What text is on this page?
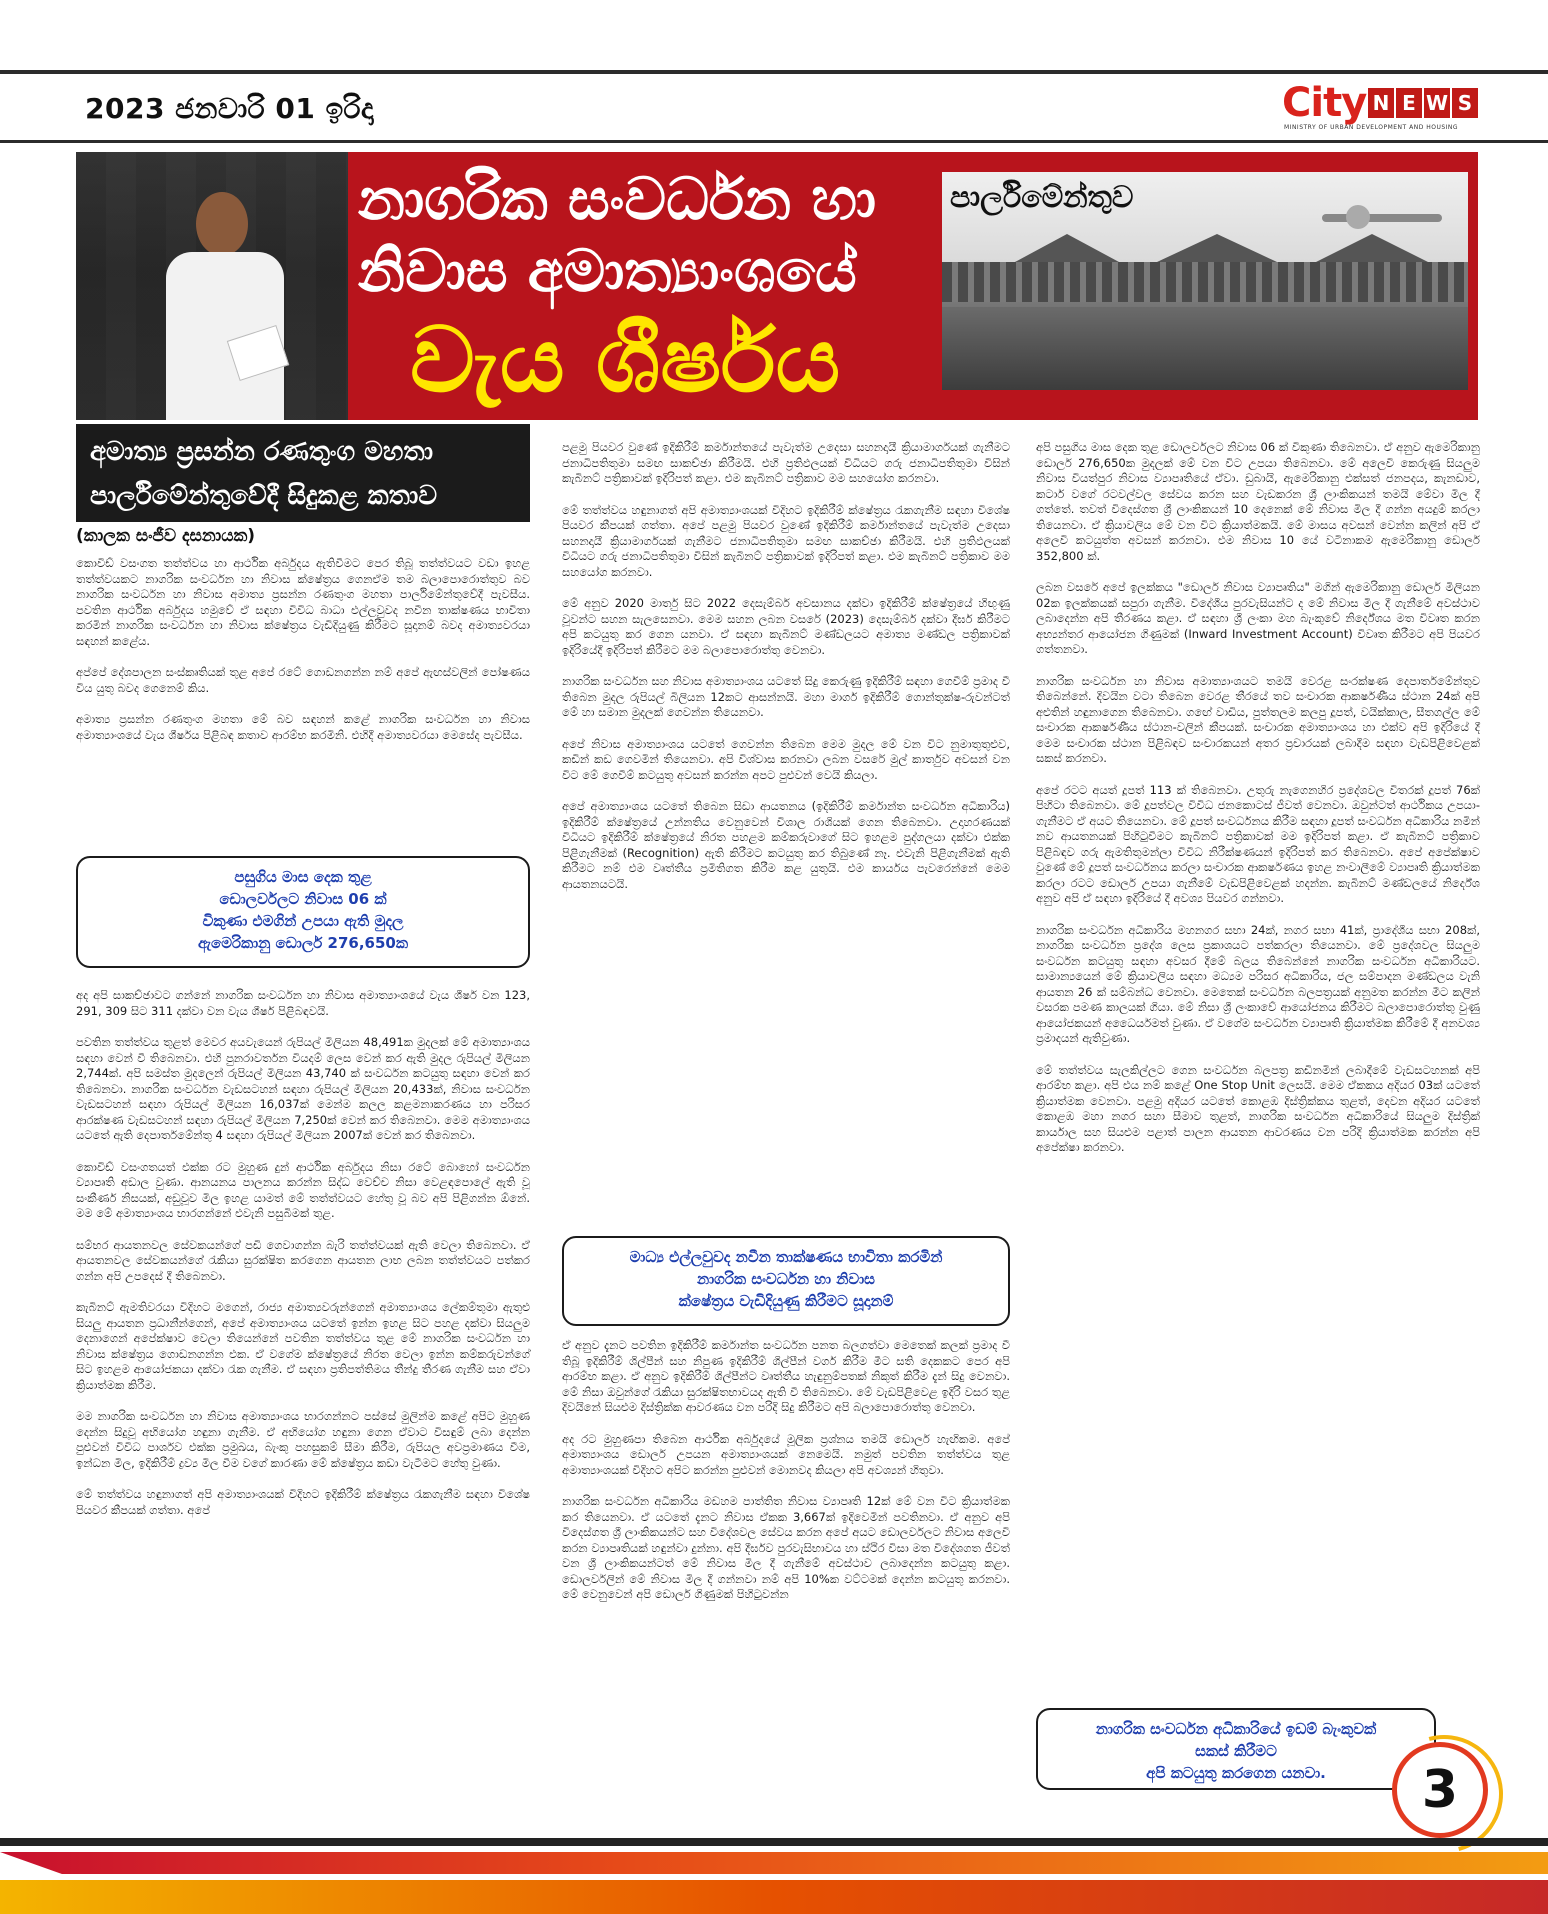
2023 ජනවාරි 01 ඉරිදා	City N E W S
MINISTRY OF URBAN DEVELOPMENT AND HOUSING
නාගරික සංවර්ධන හා
නිවාස අමාත්‍යාංශයේ
වැය ශීර්ෂය
පාර්ලිමේන්තුව
අමාත්‍ය ප්‍රසන්න රණතුංග මහතා
පාර්ලිමේන්තුවේදී සිදුකළ කතාව
(කාලක සංජීව දසනායක)

කොවිඩ් වසංගත තත්ත්වය හා ආර්ථික අර්බුදය ඇතිවීමට පෙර තිබූ තත්ත්වයට වඩා ඉහළ තත්ත්වයකට නාගරික සංවර්ධන හා නිවාස ක්ෂේත්‍රය ගෙනඒම තම බලාපොරොත්තුව බව නාගරික සංවර්ධන හා නිවාස අමාත්‍ය ප්‍රසන්න රණතුංග මහතා පාර්ලිමේන්තුවේදී පැවසීය. පවතින ආර්ථික අර්බුදය හමුවේ ඒ සඳහා විවිධ බාධා එල්ලවුවද නවීන තාක්ෂණය භාවිතා කරමින් නාගරික සංවර්ධන හා නිවාස ක්ෂේත්‍රය වැඩිදියුණු කිරීමට සූදානම් බවද අමාත්‍යවරයා සඳහන් කළේය.

අප්පේ දේශපාලන සංස්කෘතියක් තුළ අපේ රටේ ගොඩනගන්න නම් අපේ ඇඟස්වලින් පෝෂණය විය යුතු බවද ගෙනෙම් කිය.

අමාත්‍ය ප්‍රසන්න රණතුංග මහතා මේ බව සඳහන් කළේ නාගරික සංවර්ධන හා නිවාස අමාත්‍යාංශයේ වැය ශීර්ෂය පිළිබඳ කතාව ආරම්භ කරමිනි. එහිදී අමාත්‍යවරයා මෙසේද පැවසීය.

පසුගිය මාස දෙක තුළ
ඩොලර්වලට නිවාස 06 ක්
විකුණා එමගින් උපයා ඇති මුදල
ඇමෙරිකානු ඩොලර් 276,650ක

අද අපි සාකච්ඡාවට ගන්නේ නාගරික සංවර්ධන හා නිවාස අමාත්‍යාංශයේ වැය ශීර්ෂ වන 123, 291, 309 සිට 311 දක්වා වන වැය ශීර්ෂ පිළිබඳවයි.

පවතින තත්ත්වය තුළත් මෙවර අයවැයෙන් රුපියල් මිලියන 48,491ක මුදලක් මේ අමාත්‍යාංශය සඳහා වෙන් වී තිබෙනවා. එහි පුනරාවර්තන වියදම් ලෙස වෙන් කර ඇති මුදල රුපියල් මිලියන 2,744ක්. අපි සමස්ත මුදලෙන් රුපියල් මිලියන 43,740 ක් සංවර්ධන කටයුතු සඳහා වෙන් කර තිබෙනවා. නාගරික සංවර්ධන වැඩසටහන් සඳහා රුපියල් මිලියන 20,433ක්, නිවාස සංවර්ධන වැඩසටහන් සඳහා රුපියල් මිලියන 16,037ක් මෙන්ම කලල කළමනාකරණය හා පරිසර ආරක්ෂණ වැඩසටහන් සඳහා රුපියල් මිලියන 7,250ක් වෙන් කර තිබෙනවා. මෙම අමාත්‍යාංශය යටතේ ඇති දෙපාර්තමේන්තු 4 සඳහා රුපියල් මිලියන 2007ක් වෙන් කර තිබෙනවා.

කොවිඩ් වසංගතයත් එක්ක රට මුහුණ දුන් ආර්ථික අර්බුදය නිසා රටේ බොහෝ සංවර්ධන ව්‍යාපෘති අඩාල වුණා. ආනයනය පාලනය කරන්න සිද්ධ වෙච්ච නිසා වෙළඳපොලේ ඇති වූ සංකීර්ණ නිසයක්, අඩුවූව මිල ඉහළ යාමත් මේ තත්ත්වයට හේතු වූ බව අපි පිළිගන්න ඕනේ. මම මේ අමාත්‍යාංශය භාරගන්නේ එවැනි පසුබිමක් තුළ.

සම්භර ආයතනවල සේවකයන්ගේ පඩි ගෙවාගන්න බැරි තත්ත්වයක් ඇති වෙලා තිබෙනවා. ඒ ආයතනවල සේවකයන්ගේ රැකියා සුරක්ෂිත කරගෙන ආයතන ලාභ ලබන තත්ත්වයට පත්කර ගන්න අපි උපදෙස් දී තිබෙනවා.

කැබිනට් ඇමතිවරයා විදිහට මගෙන්, රාජ්‍ය අමාත්‍යවරුන්ගෙන් අමාත්‍යාංශය ලේකම්තුමා ඇතුළු සියලු ආයතන ප්‍රධානීන්ගෙන්, අපේ අමාත්‍යාංශය යටතේ ඉන්න ඉහළ සිට පහළ දක්වා සියලුම දෙනාගෙන් අපේක්ෂාව වෙලා තියෙන්නේ පවතින තත්ත්වය තුළ මේ නාගරික සංවර්ධන හා නිවාස ක්ෂේත්‍රය ගොඩනගන්න එක. ඒ වගේම ක්ෂේත්‍රයේ නිරත වෙලා ඉන්න කම්කරුවන්ගේ සිට ඉහළම ආයෝජකයා දක්වා රැක ගැනීම. ඒ සඳහා ප්‍රතිපත්තිමය තීන්දු තීරණ ගැනීම සහ ඒවා ක්‍රියාත්මක කිරීම.

මම නාගරික සංවර්ධන හා නිවාස අමාත්‍යාංශය භාරගන්නට පස්සේ මුලින්ම කළේ අපිට මුහුණ දෙන්න සිදුවූ අභියෝග හඳුනා ගැනීම. ඒ අභියෝග හඳුනා ගෙන ඒවාට විසඳුම් ලබා දෙන්න පුළුවන් විවිධ පාර්ශව එක්ක ප්‍රමුඛය, බැංකු පහසුකම් සීමා කිරීම, රුපියල අවප්‍රමාණය වීම, ඉන්ධන මිල, ඉදිකිරීම් ද්‍රව්‍ය මිල වීම වගේ කාරණා මේ ක්ෂේත්‍රය කඩා වැටීමට හේතු වුණා.

මේ තත්ත්වය හඳුනාගත් අපි අමාත්‍යාංශයක් විදිහට ඉදිකිරීම් ක්ෂේත්‍රය රැකගැනීම සඳහා විශේෂ පියවර කීපයක් ගත්තා. අපේ

පළමු පියවර වුණේ ඉදිකිරීම් කර්මාන්තයේ පැවැත්ම උදෙසා සහනදායී ක්‍රියාමාර්ගයක් ගැනීමට ජනාධිපතිතුමා සමඟ සාකච්ඡා කිරීමයි. එහි ප්‍රතිඵලයක් විධියට ගරු ජනාධිපතිතුමා විසින් කැබිනට් පත්‍රිකාවක් ඉදිරිපත් කළා. එම කැබිනට් පත්‍රිකාව මම සහයෝග කරනවා.

මේ තත්ත්වය හඳුනාගත් අපි අමාත්‍යාංශයක් විදිහට ඉදිකිරීම් ක්ෂේත්‍රය රැකගැනීම සඳහා විශේෂ පියවර කීපයක් ගත්තා. අපේ පළමු පියවර වුණේ ඉදිකිරීම් කර්මාන්තයේ පැවැත්ම උදෙසා සහනදායී ක්‍රියාමාර්ගයක් ගැනීමට ජනාධිපතිතුමා සමඟ සාකච්ඡා කිරීමයි. එහි ප්‍රතිඵලයක් විධියට ගරු ජනාධිපතිතුමා විසින් කැබිනට් පත්‍රිකාවක් ඉදිරිපත් කළා. එම කැබිනට් පත්‍රිකාව මම සහයෝග කරනවා.

මේ අනුව 2020 මාර්තු සිට 2022 දෙසැම්බර් අවසානය දක්වා ඉදිකිරීම් ක්ෂේත්‍රයේ හිඟුණු වූවන්ට සහන සැලසෙනවා. මෙම සහන ලබන වසරේ (2023) දෙසැම්බර් දක්වා දීර්ඝ කිරීමට අපි කටයුතු කර ගෙන යනවා. ඒ සඳහා කැබිනට් මණ්ඩලයට අමාත්‍ය මණ්ඩල පත්‍රිකාවක් ඉදිරියේදී ඉදිරිපත් කිරීමට මම බලාපොරොත්තු වෙනවා.

නාගරික සංවර්ධන සහ නිවාස අමාත්‍යාංශය යටතේ සිදු කෙරුණු ඉදිකිරීම් සඳහා ගෙවීම් ප්‍රමාද වී තිබෙන මුදල රුපියල් බිලියන 12කට ආසන්නයි. මහා මාර්ග ඉදිකිරීම් ගොන්තුක්ෂ-රුවන්ටත් මේ හා සමාන මුදලක් ගෙවන්න තියෙනවා.

අපේ නිවාස අමාත්‍යාංශය යටතේ ගෙවන්න තිබෙන මෙම මුදල මේ වන විට නුමාතුතුළුව, කඩින් කඩ ගෙවමින් තියෙනවා. අපි විශ්වාස කරනවා ලබන වසරේ මුල් කාර්තුව අවසන් වන විට මේ ගෙවීම් කටයුතු අවසන් කරන්න අපට පුළුවන් වෙයි කියලා.

අපේ අමාත්‍යාංශය යටතේ තිබෙන සිඩා ආයතනය (ඉදිකිරීම් කර්මාන්ත සංවර්ධන අධිකාරිය) ඉදිකිරීම් ක්ෂේත්‍රයේ උන්නතිය වෙනුවෙන් විශාල රාශියක් ගෙන තිබෙනවා. උදාහරණයක් විධියට ඉදිකිරීම් ක්ෂේත්‍රයේ නිරත පහළම කම්කරුවාගේ සිට ඉහළම පුද්ගලයා දක්වා එක්ක පිළිගැනීමක් (Recognition) ඇති කිරීමට කටයුතු කර තිබුණේ නෑ. එවැනි පිළිගැනීමක් ඇති කිරීමට නම් එම වෘත්තීය ප්‍රමිතිගත කිරීම කළ යුතුයි. එම කාර්යය පැවරෙන්නේ මෙම ආයතනයටයි.

මාධ්‍ය එල්ලවුවද නවීන තාක්ෂණය භාවිතා කරමින්
නාගරික සංවර්ධන හා නිවාස
ක්ෂේත්‍රය වැඩිදියුණු කිරීමට සූදානම්

ඒ අනුව දැනට පවතින ඉදිකිරීම් කර්මාන්ත සංවර්ධන පනත බලගත්වා මෙතෙක් කලක් ප්‍රමාද වී තිබූ ඉදිකිරීම් ශිල්පීන් සහ නිපුණ ඉදිකිරීම් ශිල්පීන් වර්ග කිරීම මීට සති දෙකකට පෙර අපි ආරම්භ කළා. ඒ අනුව ඉදිකිරීම් ශිල්පීන්ට වෘත්තීය හැඳුනුම්පතක් නිකුත් කිරීම දැන් සිදු වෙනවා. මේ නිසා ඔවුන්ගේ රැකියා සුරක්ෂිතභාවයද ඇති වී තිබෙනවා. මේ වැඩපිළිවෙළ ඉදිරි වසර තුළ දිවයිනේ සියළුම දිස්ත්‍රික්ක ආවරණය වන පරිදි සිදු කිරීමට අපි බලාපොරොත්තු වෙනවා.

අද රට මුහුණපා තිබෙන ආර්ථික අර්බුදයේ මූලික ප්‍රශ්නය තමයි ඩොලර් හැඟිකම. අපේ අමාත්‍යාංශය ඩොලර් උපයන අමාත්‍යාංශයක් නෙමෙයි. නමුත් පවතින තත්ත්වය තුළ අමාත්‍යාංශයක් විදිහට අපිට කරන්න පුළුවන් මොනවද කියලා අපි අවශ්‍යන් හිතුවා.

නාගරික සංවර්ධන අධිකාරිය මඩහම පාත්තිත නිවාස ව්‍යාපෘති 12ක් මේ වන විට ක්‍රියාත්මක කර තියෙනවා. ඒ යටතේ දැනට නිවාස ඒකක 3,667ක් ඉදිවෙමින් පවතිනවා. ඒ අනුව අපි විදෙස්ගත ශ්‍රී ලාංකිකයන්ට සහ විදේශවල සේවය කරන අපේ අයට ඩොලර්වලට නිවාස අලෙවි කරන ව්‍යාපෘතියක් හඳුන්වා දුන්නා. අපි දීර්ඝව පුරවැසිභාවය හා ස්ථිර විසා මත විදේශගත ජීවත් වන ශ්‍රී ලාංකිකයන්ටත් මේ නිවාස මිල දී ගැනීමේ අවස්ථාව ලබාදෙන්න කටයුතු කළා. ඩොලර්වලින් මේ නිවාස මිල දී ගන්නවා නම් අපි 10%ක වට්ටමක් දෙන්න කටයුතු කරනවා. මේ වෙනුවෙන් අපි ඩොලර් ගිණුමක් පිහිටුවන්න

අපි පසුගිය මාස දෙක තුළ ඩොලර්වලට නිවාස 06 ක් විකුණා තිබෙනවා. ඒ අනුව ඇමෙරිකානු ඩොලර් 276,650ක මුදලක් මේ වන විට උපයා තිබෙනවා. මේ අලෙවි කෙරුණු සියලුම නිවාස වියත්පුර නිවාස ව්‍යාපෘතියේ ඒවා. ඩුබායි, ඇමෙරිකානු එක්සත් ජනපදය, කැනඩාව, කටාර් වගේ රටවල්වල සේවය කරන සහ වැඩකරන ශ්‍රී ලාංකිකයන් තමයි මේවා මිල දී ගත්තේ. තවත් විදෙස්ගත ශ්‍රී ලාංකිකයන් 10 දෙනෙක් මේ නිවාස මිල දී ගන්න අයදුම් කරලා තියෙනවා. ඒ ක්‍රියාවලිය මේ වන විට ක්‍රියාත්මකයි. මේ මාසය අවසන් වෙන්න කලින් අපි ඒ අලෙවි කටයුත්ත අවසන් කරනවා. එම නිවාස 10 යේ වටිනාකම ඇමෙරිකානු ඩොලර් 352,800 ක්.

ලබන වසරේ අපේ ඉලක්කය "ඩොලර් නිවාස ව්‍යාපෘතිය" මගින් ඇමෙරිකානු ඩොලර් මිලියන 02ක ඉලක්කයක් සපුරා ගැනීම. විදේශීය පුරවැසියන්ට ද මේ නිවාස මිල දී ගැනීමේ අවස්ථාව ලබාදෙන්න අපි තීරණය කළා. ඒ සඳහා ශ්‍රී ලංකා මහ බැංකුවේ නිර්දේශය මත විවෘත කරන අභ්‍යන්තර ආයෝජන ගිණුමක් (Inward Investment Account) විවෘත කිරීමට අපි පියවර ගත්තනවා.

නාගරික සංවර්ධන හා නිවාස අමාත්‍යාංශයට තමයි වෙරළ සංරක්ෂණ දෙපාර්තමේන්තුව තිබෙන්නේ. දිවයින වටා තිබෙන වෙරළ තීරයේ තව සංචාරක ආකර්ෂණීය ස්ථාන 24ක් අපි අළුතින් හඳුනාගෙන තිබෙනවා. ගඟේ වාඩිය, පුත්තලම කලපු දූපත්, වයික්කාල, සීතගල්ල මේ සංචාරක ආකර්ෂණීය ස්ථාන-වලින් කීපයක්. සංචාරක අමාත්‍යාංශය හා එක්ව අපි ඉදිරියේ දී මෙම සංචාරක ස්ථාන පිළිබඳව සංචාරකයන් අතර ප්‍රචාරයක් ලබාදීම සඳහා වැඩපිළිවෙළක් සකස් කරනවා.

අපේ රටට අයත් දූපත් 113 ක් තිබෙනවා. උතුරු නැගෙනහිර ප්‍රදේශවල විතරක් දූපත් 76ක් පිහිටා තිබෙනවා. මේ දූපත්වල විවිධ ජනකොටස් ජීවත් වෙනවා. ඔවුන්ටත් ආර්ථිකය උපයා-ගැනීමට ඒ අයට තියෙනවා. මේ දූපත් සංවර්ධනය කිරීම සඳහා දූපත් සංවර්ධන අධිකාරිය නමින් නව ආයතනයක් පිහිටුවීමට කැබිනට් පත්‍රිකාවක් මම ඉදිරිපත් කළා. ඒ කැබිනට් පත්‍රිකාව පිළිබඳව ගරු ඇමතිතුමන්ලා විවිධ නිරීක්ෂණයන් ඉදිරිපත් කර තිබෙනවා. අපේ අපේක්ෂාව වුණේ මේ දූපත් සංවර්ධනය කරලා සංචාරක ආකර්ෂණය ඉහළ නංවාලීමේ ව්‍යාපෘති ක්‍රියාත්මක කරලා රටට ඩොලර් උපයා ගැනීමේ වැඩපිළිවෙළක් හදන්න. කැබිනට් මණ්ඩලයේ නිර්දේශ අනුව අපි ඒ සඳහා ඉදිරියේ දී අවශ්‍ය පියවර ගන්නවා.

නාගරික සංවර්ධන අධිකාරිය මහනගර සභා 24ක්, නගර සභා 41ක්, ප්‍රාදේශීය සභා 208ක්, නාගරික සංවර්ධන ප්‍රදේශ ලෙස ප්‍රකාශයට පත්කරලා තියෙනවා. මේ ප්‍රදේශවල සියලුම සංවර්ධන කටයුතු සඳහා අවසර දීමේ බලය තිබෙන්නේ නාගරික සංවර්ධන අධිකාරියට. සාමාන්‍යයෙන් මේ ක්‍රියාවලිය සඳහා මධ්‍යම පරිසර අධිකාරිය, ජල සම්පාදන මණ්ඩලය වැනි ආයතන 26 ක් සම්බන්ධ වෙනවා. මෙතෙක් සංවර්ධන බලපත්‍රයක් අනුමත කරන්න මීට කලින් වසරක පමණ කාලයක් ගියා. මේ නිසා ශ්‍රී ලංකාවේ ආයෝජනය කිරීමට බලාපොරොත්තු වුණු ආයෝජකයන් අධෛර්යමත් වුණා. ඒ වගේම සංවර්ධන ව්‍යාපෘති ක්‍රියාත්මක කිරීමේ දී අනවශ්‍ය ප්‍රමාදයන් ඇතිවුණා.

මේ තත්ත්වය සැලකිල්ලට ගෙන සංවර්ධන බලපත්‍ර කඩිනමින් ලබාදීමේ වැඩසටහනක් අපි ආරම්භ කළා. අපි එය නම් කළේ One Stop Unit ලෙසයි. මෙම ඒකකය අදියර 03ක් යටතේ ක්‍රියාත්මක වෙනවා. පළමු අදියර යටතේ කොළඹ දිස්ත්‍රික්කය තුළත්, දෙවන අදියර යටතේ කොළඹ මහා නගර සහා සීමාව තුළත්, නාගරික සංවර්ධන අධිකාරියේ සියලුම දිස්ත්‍රික් කාර්යාල සහ සියළුම පළාත් පාලන ආයතන ආවරණය වන පරිදි ක්‍රියාත්මක කරන්න අපි අපේක්ෂා කරනවා.

නාගරික සංවර්ධන අධිකාරියේ ඉඩම් බැංකුවක්
සකස් කිරීමට
අපි කටයුතු කරගෙන යනවා.	3
